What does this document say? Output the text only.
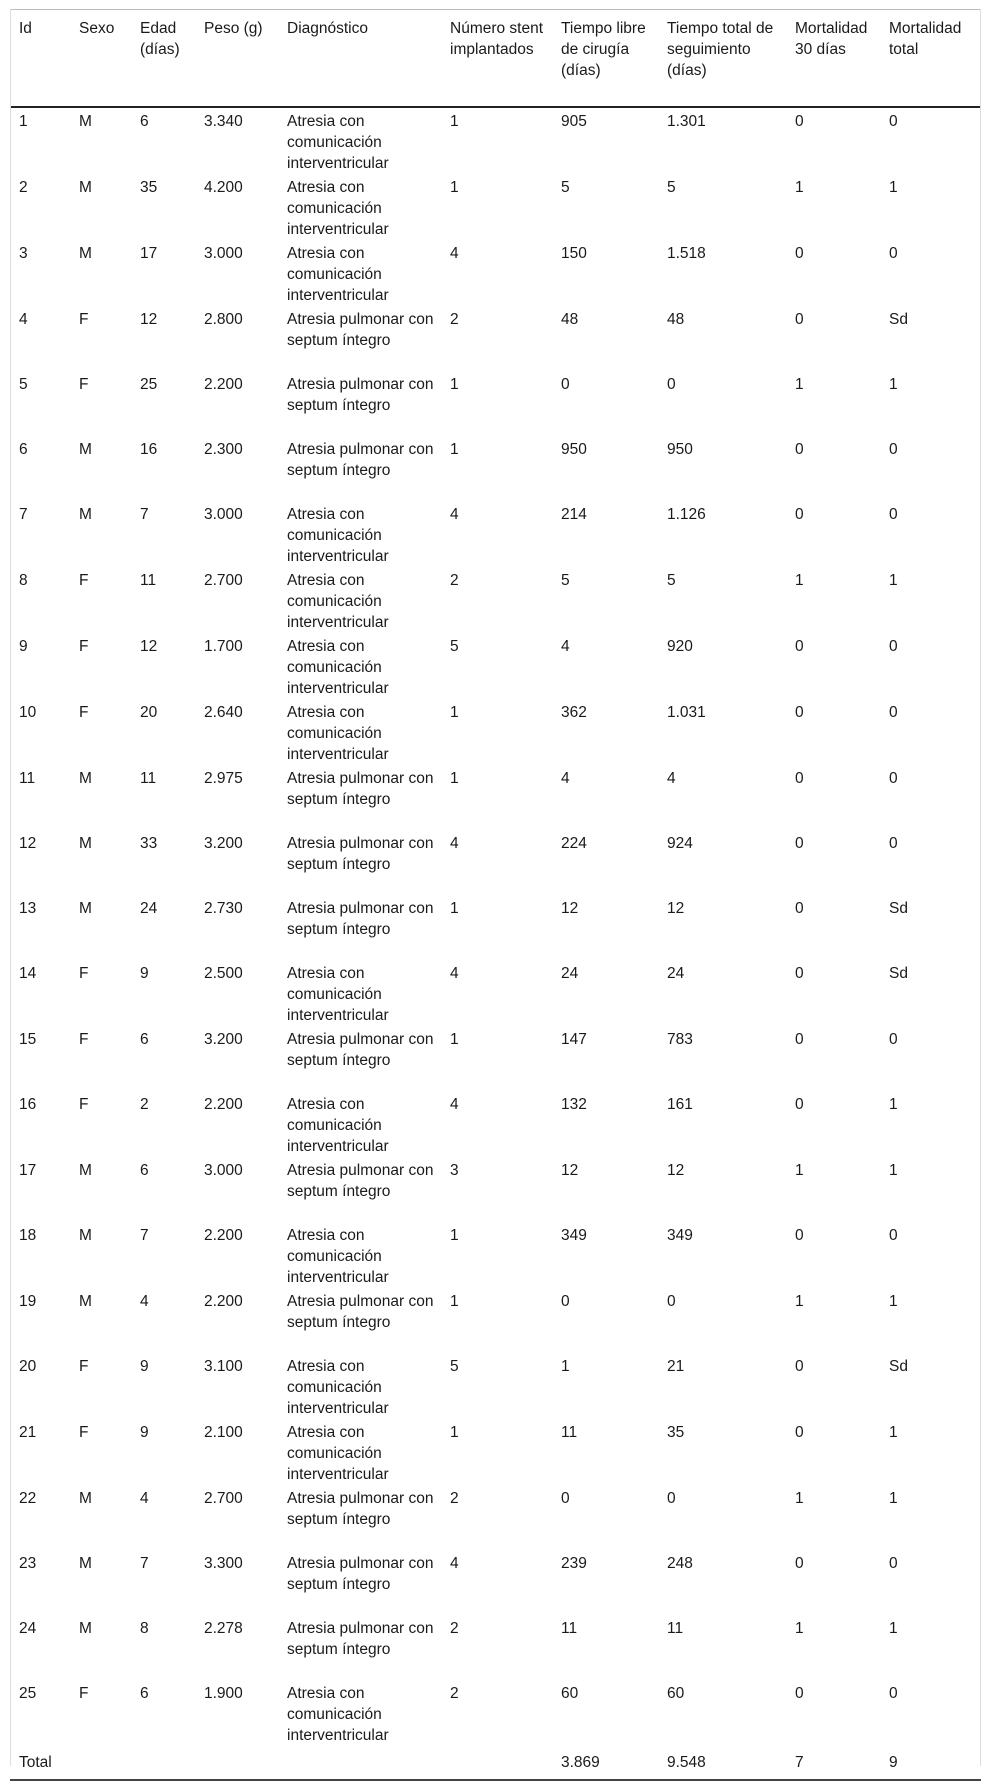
Id	Sexo	Edad (días)	Peso (g)	Diagnóstico	Número stent implantados	Tiempo libre de cirugía (días)	Tiempo total de seguimiento (días)	Mortalidad 30 días	Mortalidad total
1	M	6	3.340	Atresia con comunicación interventricular	1	905	1.301	0	0
2	M	35	4.200	Atresia con comunicación interventricular	1	5	5	1	1
3	M	17	3.000	Atresia con comunicación interventricular	4	150	1.518	0	0
4	F	12	2.800	Atresia pulmonar con septum íntegro	2	48	48	0	Sd
5	F	25	2.200	Atresia pulmonar con septum íntegro	1	0	0	1	1
6	M	16	2.300	Atresia pulmonar con septum íntegro	1	950	950	0	0
7	M	7	3.000	Atresia con comunicación interventricular	4	214	1.126	0	0
8	F	11	2.700	Atresia con comunicación interventricular	2	5	5	1	1
9	F	12	1.700	Atresia con comunicación interventricular	5	4	920	0	0
10	F	20	2.640	Atresia con comunicación interventricular	1	362	1.031	0	0
11	M	11	2.975	Atresia pulmonar con septum íntegro	1	4	4	0	0
12	M	33	3.200	Atresia pulmonar con septum íntegro	4	224	924	0	0
13	M	24	2.730	Atresia pulmonar con septum íntegro	1	12	12	0	Sd
14	F	9	2.500	Atresia con comunicación interventricular	4	24	24	0	Sd
15	F	6	3.200	Atresia pulmonar con septum íntegro	1	147	783	0	0
16	F	2	2.200	Atresia con comunicación interventricular	4	132	161	0	1
17	M	6	3.000	Atresia pulmonar con septum íntegro	3	12	12	1	1
18	M	7	2.200	Atresia con comunicación interventricular	1	349	349	0	0
19	M	4	2.200	Atresia pulmonar con septum íntegro	1	0	0	1	1
20	F	9	3.100	Atresia con comunicación interventricular	5	1	21	0	Sd
21	F	9	2.100	Atresia con comunicación interventricular	1	11	35	0	1
22	M	4	2.700	Atresia pulmonar con septum íntegro	2	0	0	1	1
23	M	7	3.300	Atresia pulmonar con septum íntegro	4	239	248	0	0
24	M	8	2.278	Atresia pulmonar con septum íntegro	2	11	11	1	1
25	F	6	1.900	Atresia con comunicación interventricular	2	60	60	0	0
Total						3.869	9.548	7	9
